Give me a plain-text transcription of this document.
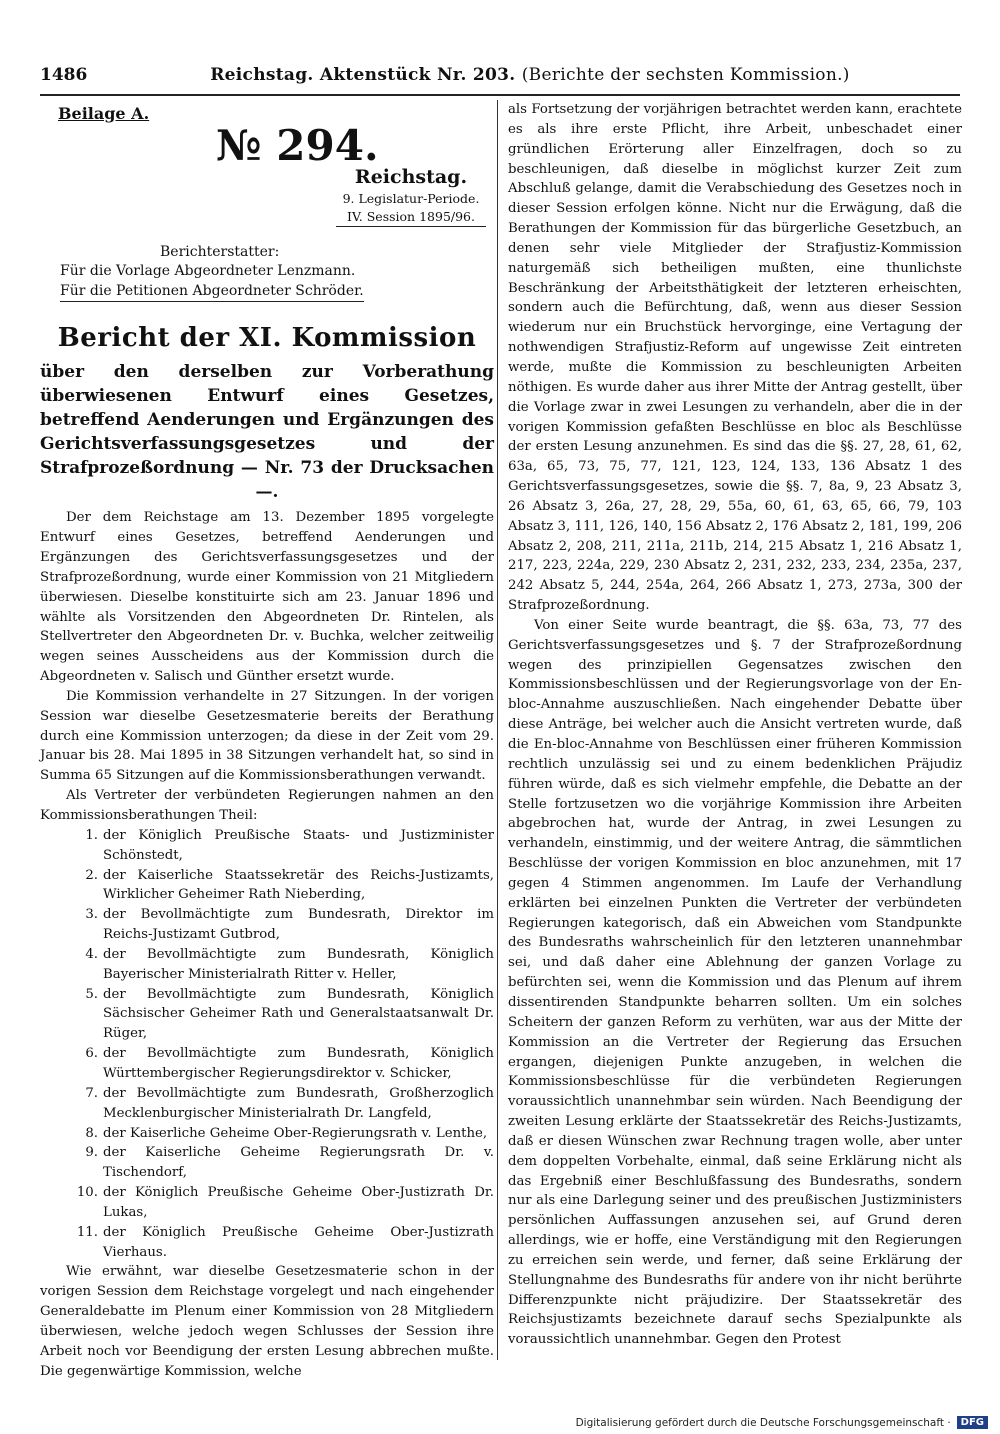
1486	Reichstag. Aktenstück Nr. 203. (Berichte der sechsten Kommission.)
Beilage A.
№ 294.
Reichstag.
9. Legislatur-Periode.
IV. Session 1895/96.
Berichterstatter:
Für die Vorlage Abgeordneter Lenzmann.
Für die Petitionen Abgeordneter Schröder.
Bericht der XI. Kommission
über den derselben zur Vorberathung überwiesenen Entwurf eines Gesetzes, betreffend Aenderungen und Ergänzungen des Gerichtsverfassungsgesetzes und der Strafprozeßordnung — Nr. 73 der Drucksachen —.

Der dem Reichstage am 13. Dezember 1895 vorgelegte Entwurf eines Gesetzes, betreffend Aenderungen und Ergänzungen des Gerichtsverfassungsgesetzes und der Strafprozeßordnung, wurde einer Kommission von 21 Mitgliedern überwiesen. Dieselbe konstituirte sich am 23. Januar 1896 und wählte als Vorsitzenden den Abgeordneten Dr. Rintelen, als Stellvertreter den Abgeordneten Dr. v. Buchka, welcher zeitweilig wegen seines Ausscheidens aus der Kommission durch die Abgeordneten v. Salisch und Günther ersetzt wurde.

Die Kommission verhandelte in 27 Sitzungen. In der vorigen Session war dieselbe Gesetzesmaterie bereits der Berathung durch eine Kommission unterzogen; da diese in der Zeit vom 29. Januar bis 28. Mai 1895 in 38 Sitzungen verhandelt hat, so sind in Summa 65 Sitzungen auf die Kommissionsberathungen verwandt.

Als Vertreter der verbündeten Regierungen nahmen an den Kommissionsberathungen Theil:

1. der Königlich Preußische Staats- und Justizminister Schönstedt,
2. der Kaiserliche Staatssekretär des Reichs-Justizamts, Wirklicher Geheimer Rath Nieberding,
3. der Bevollmächtigte zum Bundesrath, Direktor im Reichs-Justizamt Gutbrod,
4. der Bevollmächtigte zum Bundesrath, Königlich Bayerischer Ministerialrath Ritter v. Heller,
5. der Bevollmächtigte zum Bundesrath, Königlich Sächsischer Geheimer Rath und Generalstaatsanwalt Dr. Rüger,
6. der Bevollmächtigte zum Bundesrath, Königlich Württembergischer Regierungsdirektor v. Schicker,
7. der Bevollmächtigte zum Bundesrath, Großherzoglich Mecklenburgischer Ministerialrath Dr. Langfeld,
8. der Kaiserliche Geheime Ober-Regierungsrath v. Lenthe,
9. der Kaiserliche Geheime Regierungsrath Dr. v. Tischendorf,
10. der Königlich Preußische Geheime Ober-Justizrath Dr. Lukas,
11. der Königlich Preußische Geheime Ober-Justizrath Vierhaus.

Wie erwähnt, war dieselbe Gesetzesmaterie schon in der vorigen Session dem Reichstage vorgelegt und nach eingehender Generaldebatte im Plenum einer Kommission von 28 Mitgliedern überwiesen, welche jedoch wegen Schlusses der Session ihre Arbeit noch vor Beendigung der ersten Lesung abbrechen mußte. Die gegenwärtige Kommission, welche

als Fortsetzung der vorjährigen betrachtet werden kann, erachtete es als ihre erste Pflicht, ihre Arbeit, unbeschadet einer gründlichen Erörterung aller Einzelfragen, doch so zu beschleunigen, daß dieselbe in möglichst kurzer Zeit zum Abschluß gelange, damit die Verabschiedung des Gesetzes noch in dieser Session erfolgen könne. Nicht nur die Erwägung, daß die Berathungen der Kommission für das bürgerliche Gesetzbuch, an denen sehr viele Mitglieder der Strafjustiz-Kommission naturgemäß sich betheiligen mußten, eine thunlichste Beschränkung der Arbeitsthätigkeit der letzteren erheischten, sondern auch die Befürchtung, daß, wenn aus dieser Session wiederum nur ein Bruchstück hervorginge, eine Vertagung der nothwendigen Strafjustiz-Reform auf ungewisse Zeit eintreten werde, mußte die Kommission zu beschleunigten Arbeiten nöthigen. Es wurde daher aus ihrer Mitte der Antrag gestellt, über die Vorlage zwar in zwei Lesungen zu verhandeln, aber die in der vorigen Kommission gefaßten Beschlüsse en bloc als Beschlüsse der ersten Lesung anzunehmen. Es sind das die §§. 27, 28, 61, 62, 63a, 65, 73, 75, 77, 121, 123, 124, 133, 136 Absatz 1 des Gerichtsverfassungsgesetzes, sowie die §§. 7, 8a, 9, 23 Absatz 3, 26 Absatz 3, 26a, 27, 28, 29, 55a, 60, 61, 63, 65, 66, 79, 103 Absatz 3, 111, 126, 140, 156 Absatz 2, 176 Absatz 2, 181, 199, 206 Absatz 2, 208, 211, 211a, 211b, 214, 215 Absatz 1, 216 Absatz 1, 217, 223, 224a, 229, 230 Absatz 2, 231, 232, 233, 234, 235a, 237, 242 Absatz 5, 244, 254a, 264, 266 Absatz 1, 273, 273a, 300 der Strafprozeßordnung.

Von einer Seite wurde beantragt, die §§. 63a, 73, 77 des Gerichtsverfassungsgesetzes und §. 7 der Strafprozeßordnung wegen des prinzipiellen Gegensatzes zwischen den Kommissionsbeschlüssen und der Regierungsvorlage von der En-bloc-Annahme auszuschließen. Nach eingehender Debatte über diese Anträge, bei welcher auch die Ansicht vertreten wurde, daß die En-bloc-Annahme von Beschlüssen einer früheren Kommission rechtlich unzulässig sei und zu einem bedenklichen Präjudiz führen würde, daß es sich vielmehr empfehle, die Debatte an der Stelle fortzusetzen wo die vorjährige Kommission ihre Arbeiten abgebrochen hat, wurde der Antrag, in zwei Lesungen zu verhandeln, einstimmig, und der weitere Antrag, die sämmtlichen Beschlüsse der vorigen Kommission en bloc anzunehmen, mit 17 gegen 4 Stimmen angenommen. Im Laufe der Verhandlung erklärten bei einzelnen Punkten die Vertreter der verbündeten Regierungen kategorisch, daß ein Abweichen vom Standpunkte des Bundesraths wahrscheinlich für den letzteren unannehmbar sei, und daß daher eine Ablehnung der ganzen Vorlage zu befürchten sei, wenn die Kommission und das Plenum auf ihrem dissentirenden Standpunkte beharren sollten. Um ein solches Scheitern der ganzen Reform zu verhüten, war aus der Mitte der Kommission an die Vertreter der Regierung das Ersuchen ergangen, diejenigen Punkte anzugeben, in welchen die Kommissionsbeschlüsse für die verbündeten Regierungen voraussichtlich unannehmbar sein würden. Nach Beendigung der zweiten Lesung erklärte der Staatssekretär des Reichs-Justizamts, daß er diesen Wünschen zwar Rechnung tragen wolle, aber unter dem doppelten Vorbehalte, einmal, daß seine Erklärung nicht als das Ergebniß einer Beschlußfassung des Bundesraths, sondern nur als eine Darlegung seiner und des preußischen Justizministers persönlichen Auffassungen anzusehen sei, auf Grund deren allerdings, wie er hoffe, eine Verständigung mit den Regierungen zu erreichen sein werde, und ferner, daß seine Erklärung der Stellungnahme des Bundesraths für andere von ihr nicht berührte Differenzpunkte nicht präjudizire. Der Staatssekretär des Reichsjustizamts bezeichnete darauf sechs Spezialpunkte als voraussichtlich unannehmbar. Gegen den Protest

Digitalisierung gefördert durch die Deutsche Forschungsgemeinschaft ·	DFG
